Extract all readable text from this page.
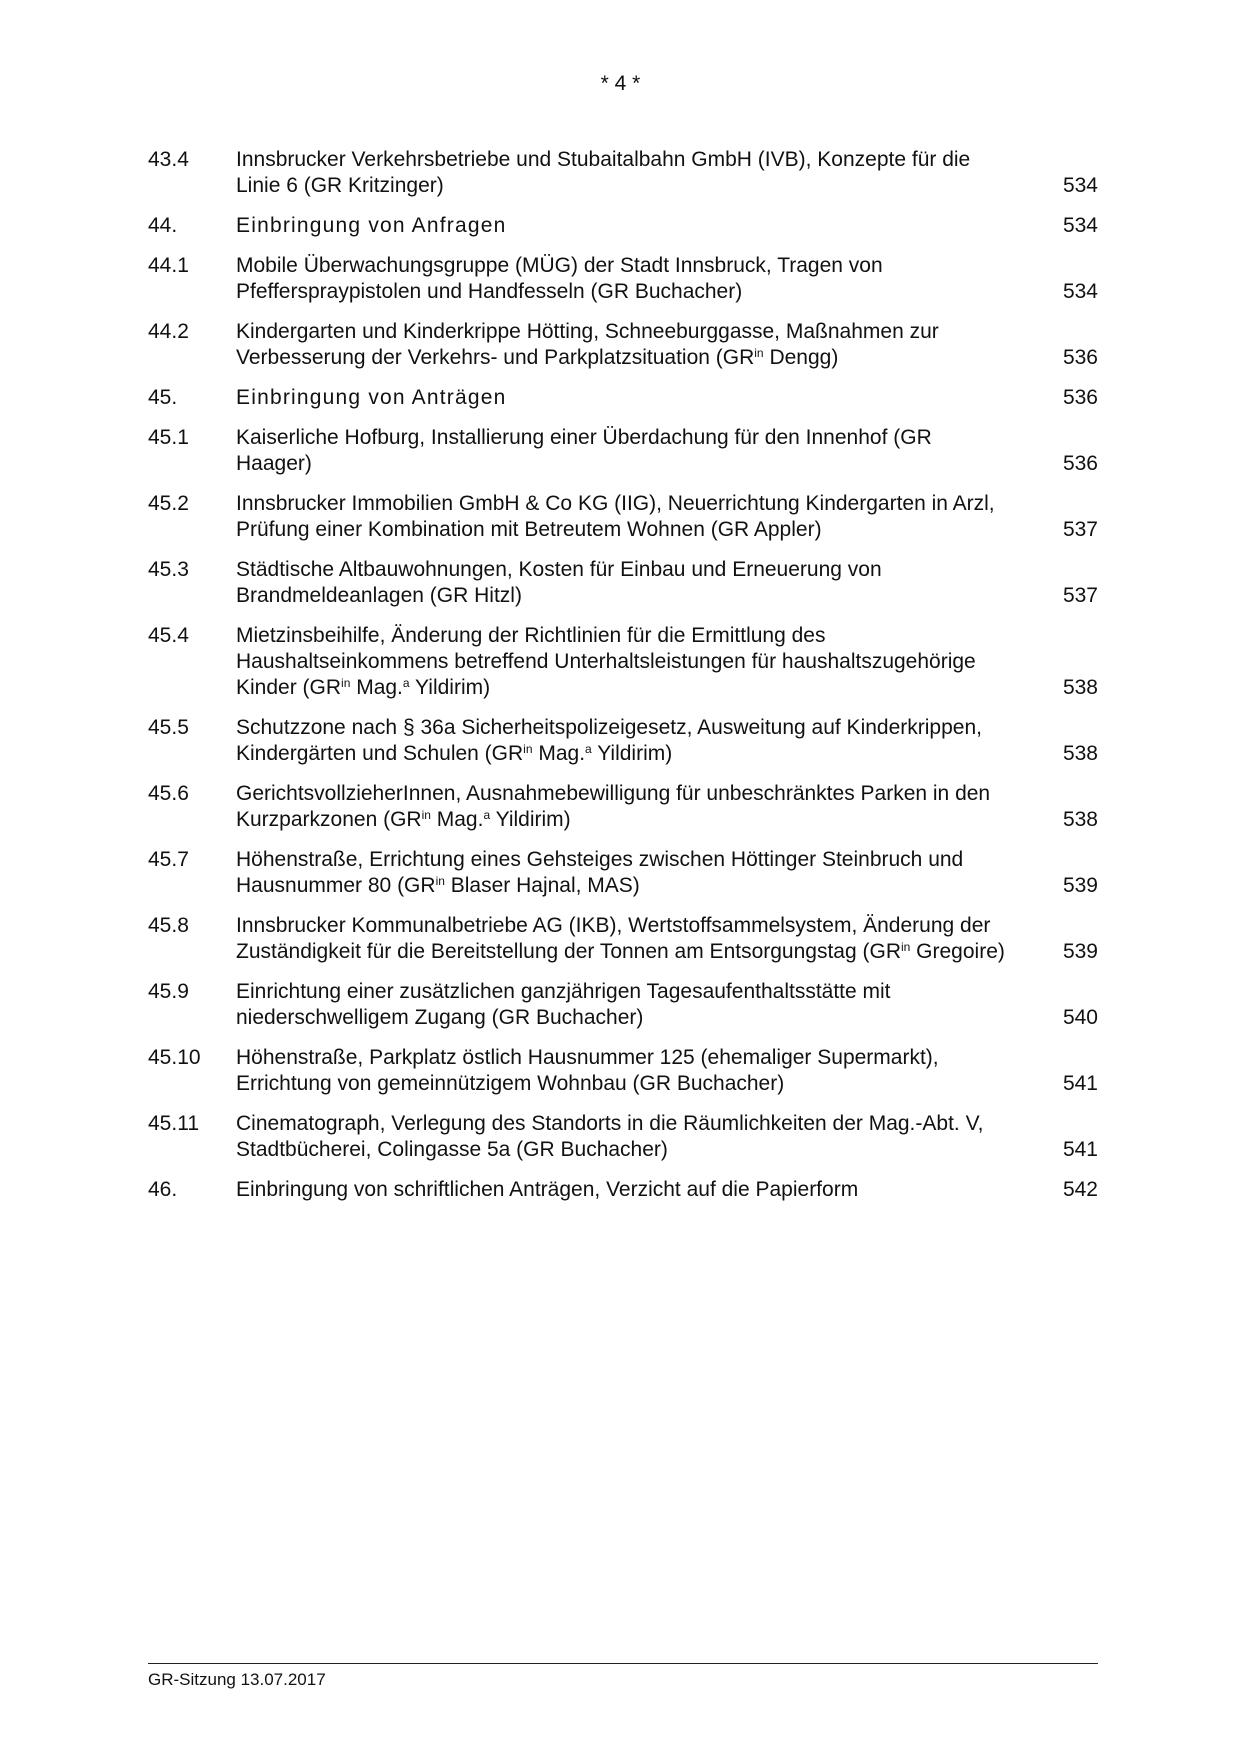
* 4 *
43.4	Innsbrucker Verkehrsbetriebe und Stubaitalbahn GmbH (IVB), Konzepte für die Linie 6 (GR Kritzinger)	534
44.	Einbringung von Anfragen	534
44.1	Mobile Überwachungsgruppe (MÜG) der Stadt Innsbruck, Tragen von Pfefferspraypistolen und Handfesseln (GR Buchacher)	534
44.2	Kindergarten und Kinderkrippe Hötting, Schneeburggasse, Maßnahmen zur Verbesserung der Verkehrs- und Parkplatzsituation ($GR^{in}$ Dengg)	536
45.	Einbringung von Anträgen	536
45.1	Kaiserliche Hofburg, Installierung einer Überdachung für den Innenhof (GR Haager)	536
45.2	Innsbrucker Immobilien GmbH & Co KG (IIG), Neuerrichtung Kindergarten in Arzl, Prüfung einer Kombination mit Betreutem Wohnen (GR Appler)	537
45.3	Städtische Altbauwohnungen, Kosten für Einbau und Erneuerung von Brandmeldeanlagen (GR Hitzl)	537
45.4	Mietzinsbeihilfe, Änderung der Richtlinien für die Ermittlung des Haushaltseinkommens betreffend Unterhaltsleistungen für haushaltszugehörige Kinder ($GR^{in}$ Mag.$^a$ Yildirim)	538
45.5	Schutzzone nach § 36a Sicherheitspolizeigesetz, Ausweitung auf Kinderkrippen, Kindergärten und Schulen ($GR^{in}$ Mag.$^a$ Yildirim)	538
45.6	GerichtsvollzieherInnen, Ausnahmebewilligung für unbeschränktes Parken in den Kurzparkzonen ($GR^{in}$ Mag.$^a$ Yildirim)	538
45.7	Höhenstraße, Errichtung eines Gehsteiges zwischen Höttinger Steinbruch und Hausnummer 80 ($GR^{in}$ Blaser Hajnal, MAS)	539
45.8	Innsbrucker Kommunalbetriebe AG (IKB), Wertstoffsammelsystem, Änderung der Zuständigkeit für die Bereitstellung der Tonnen am Entsorgungstag ($GR^{in}$ Gregoire)	539
45.9	Einrichtung einer zusätzlichen ganzjährigen Tagesaufenthaltsstätte mit niederschwelligem Zugang (GR Buchacher)	540
45.10	Höhenstraße, Parkplatz östlich Hausnummer 125 (ehemaliger Supermarkt), Errichtung von gemeinnützigem Wohnbau (GR Buchacher)	541
45.11	Cinematograph, Verlegung des Standorts in die Räumlichkeiten der Mag.-Abt. V, Stadtbücherei, Colingasse 5a (GR Buchacher)	541
46.	Einbringung von schriftlichen Anträgen, Verzicht auf die Papierform	542
GR-Sitzung 13.07.2017
